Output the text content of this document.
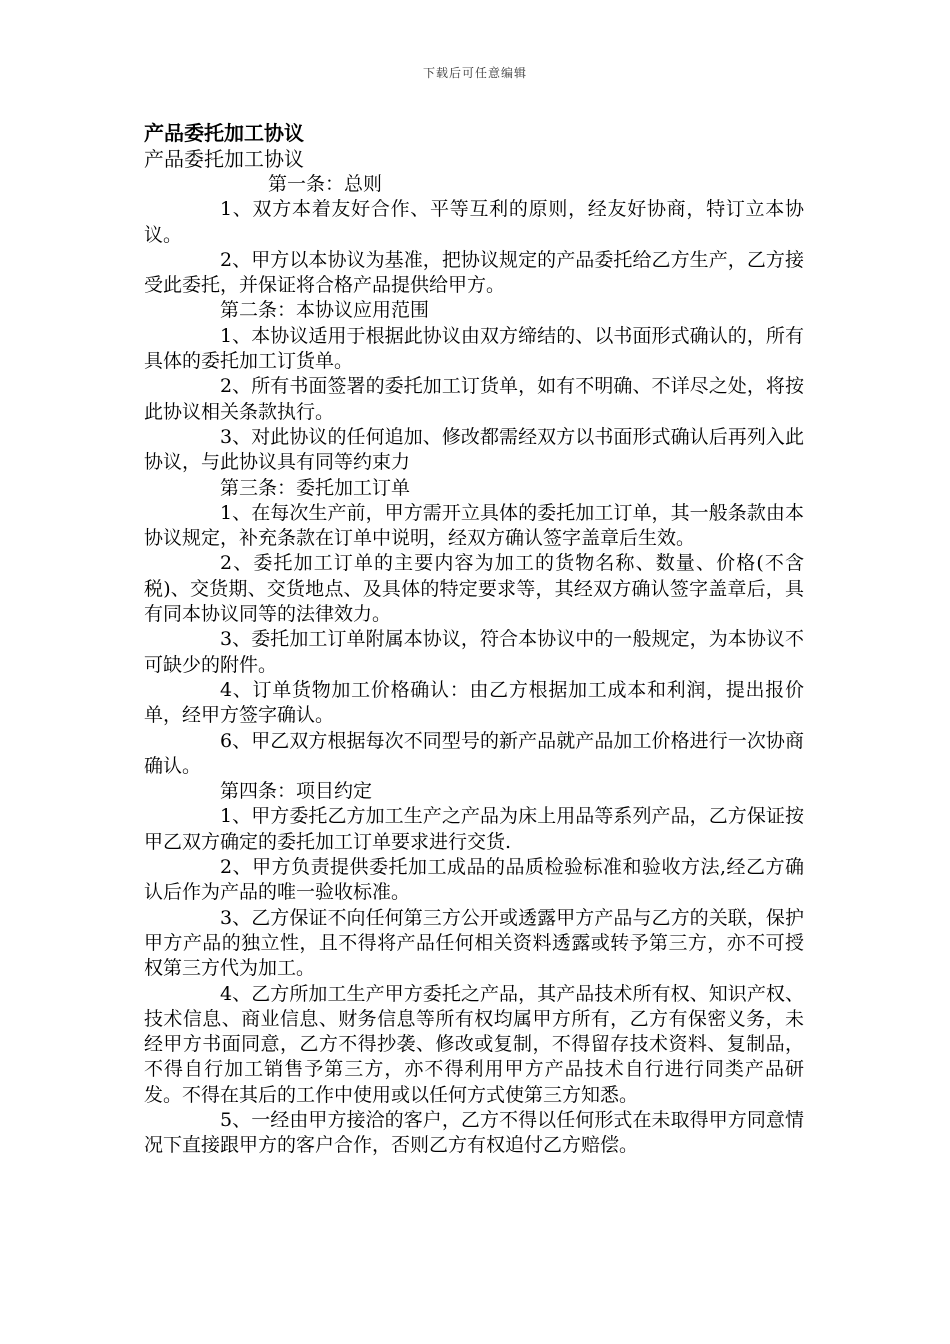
下载后可任意编辑

产品委托加工协议

产品委托加工协议

第一条：总则

1、双方本着友好合作、平等互利的原则，经友好协商，特订立本协议。

2、甲方以本协议为基准，把协议规定的产品委托给乙方生产，乙方接受此委托，并保证将合格产品提供给甲方。

第二条：本协议应用范围

1、本协议适用于根据此协议由双方缔结的、以书面形式确认的，所有具体的委托加工订货单。

2、所有书面签署的委托加工订货单，如有不明确、不详尽之处，将按此协议相关条款执行。

3、对此协议的任何追加、修改都需经双方以书面形式确认后再列入此协议，与此协议具有同等约束力

第三条：委托加工订单

1、在每次生产前，甲方需开立具体的委托加工订单，其一般条款由本协议规定，补充条款在订单中说明，经双方确认签字盖章后生效。

2、委托加工订单的主要内容为加工的货物名称、数量、价格(不含税)、交货期、交货地点、及具体的特定要求等，其经双方确认签字盖章后，具有同本协议同等的法律效力。

3、委托加工订单附属本协议，符合本协议中的一般规定，为本协议不可缺少的附件。

4、订单货物加工价格确认：由乙方根据加工成本和利润，提出报价单，经甲方签字确认。

6、甲乙双方根据每次不同型号的新产品就产品加工价格进行一次协商确认。

第四条：项目约定

1、甲方委托乙方加工生产之产品为床上用品等系列产品，乙方保证按甲乙双方确定的委托加工订单要求进行交货.

2、甲方负责提供委托加工成品的品质检验标准和验收方法,经乙方确认后作为产品的唯一验收标准。

3、乙方保证不向任何第三方公开或透露甲方产品与乙方的关联，保护甲方产品的独立性，且不得将产品任何相关资料透露或转予第三方，亦不可授权第三方代为加工。

4、乙方所加工生产甲方委托之产品，其产品技术所有权、知识产权、技术信息、商业信息、财务信息等所有权均属甲方所有，乙方有保密义务，未经甲方书面同意，乙方不得抄袭、修改或复制，不得留存技术资料、复制品，不得自行加工销售予第三方，亦不得利用甲方产品技术自行进行同类产品研发。不得在其后的工作中使用或以任何方式使第三方知悉。

5、一经由甲方接洽的客户，乙方不得以任何形式在未取得甲方同意情况下直接跟甲方的客户合作，否则乙方有权追付乙方赔偿。
